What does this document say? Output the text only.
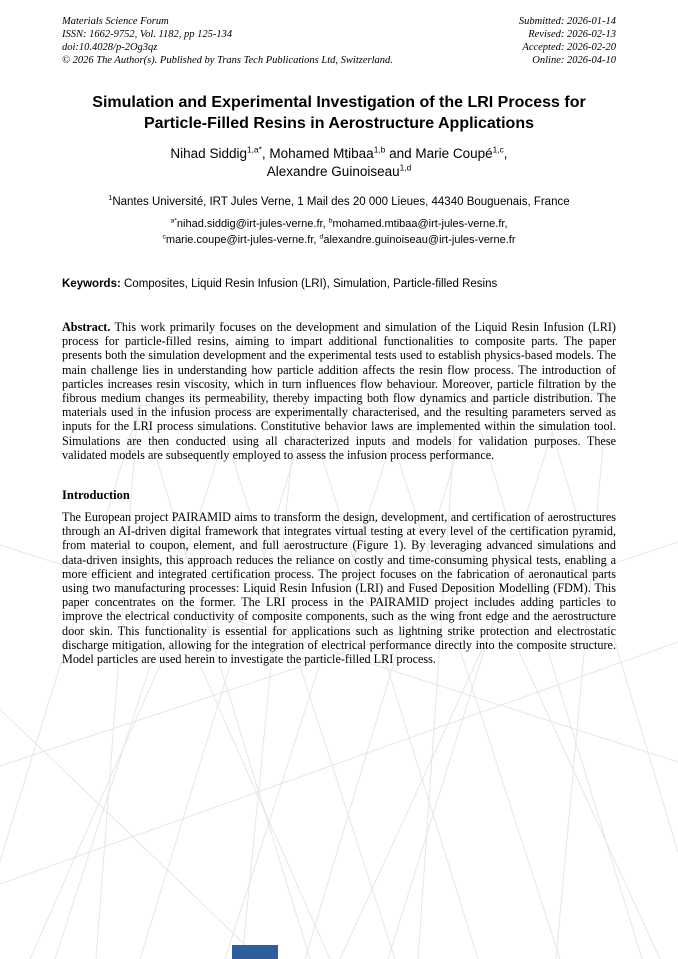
Materials Science Forum
ISSN: 1662-9752, Vol. 1182, pp 125-134
doi:10.4028/p-2Og3qz
© 2026 The Author(s). Published by Trans Tech Publications Ltd, Switzerland.
Submitted: 2026-01-14
Revised: 2026-02-13
Accepted: 2026-02-20
Online: 2026-04-10
Simulation and Experimental Investigation of the LRI Process for Particle-Filled Resins in Aerostructure Applications
Nihad Siddig$^{1,a*}$, Mohamed Mtibaa$^{1,b}$ and Marie Coupé$^{1,c}$,
Alexandre Guinoiseau$^{1,d}$
$^1$Nantes Université, IRT Jules Verne, 1 Mail des 20 000 Lieues, 44340 Bouguenais, France
$^{a*}$nihad.siddig@irt-jules-verne.fr, $^b$mohamed.mtibaa@irt-jules-verne.fr,
$^c$marie.coupe@irt-jules-verne.fr, $^d$alexandre.guinoiseau@irt-jules-verne.fr
Keywords: Composites, Liquid Resin Infusion (LRI), Simulation, Particle-filled Resins
Abstract. This work primarily focuses on the development and simulation of the Liquid Resin Infusion (LRI) process for particle-filled resins, aiming to impart additional functionalities to composite parts. The paper presents both the simulation development and the experimental tests used to establish physics-based models. The main challenge lies in understanding how particle addition affects the resin flow process. The introduction of particles increases resin viscosity, which in turn influences flow behaviour. Moreover, particle filtration by the fibrous medium changes its permeability, thereby impacting both flow dynamics and particle distribution. The materials used in the infusion process are experimentally characterised, and the resulting parameters served as inputs for the LRI process simulations. Constitutive behavior laws are implemented within the simulation tool. Simulations are then conducted using all characterized inputs and models for validation purposes. These validated models are subsequently employed to assess the infusion process performance.
Introduction
The European project PAIRAMID aims to transform the design, development, and certification of aerostructures through an AI-driven digital framework that integrates virtual testing at every level of the certification pyramid, from material to coupon, element, and full aerostructure (Figure 1). By leveraging advanced simulations and data-driven insights, this approach reduces the reliance on costly and time-consuming physical tests, enabling a more efficient and integrated certification process. The project focuses on the fabrication of aeronautical parts using two manufacturing processes: Liquid Resin Infusion (LRI) and Fused Deposition Modelling (FDM). This paper concentrates on the former. The LRI process in the PAIRAMID project includes adding particles to improve the electrical conductivity of composite components, such as the wing front edge and the aerostructure door skin. This functionality is essential for applications such as lightning strike protection and electrostatic discharge mitigation, allowing for the integration of electrical performance directly into the composite structure. Model particles are used herein to investigate the particle-filled LRI process.
